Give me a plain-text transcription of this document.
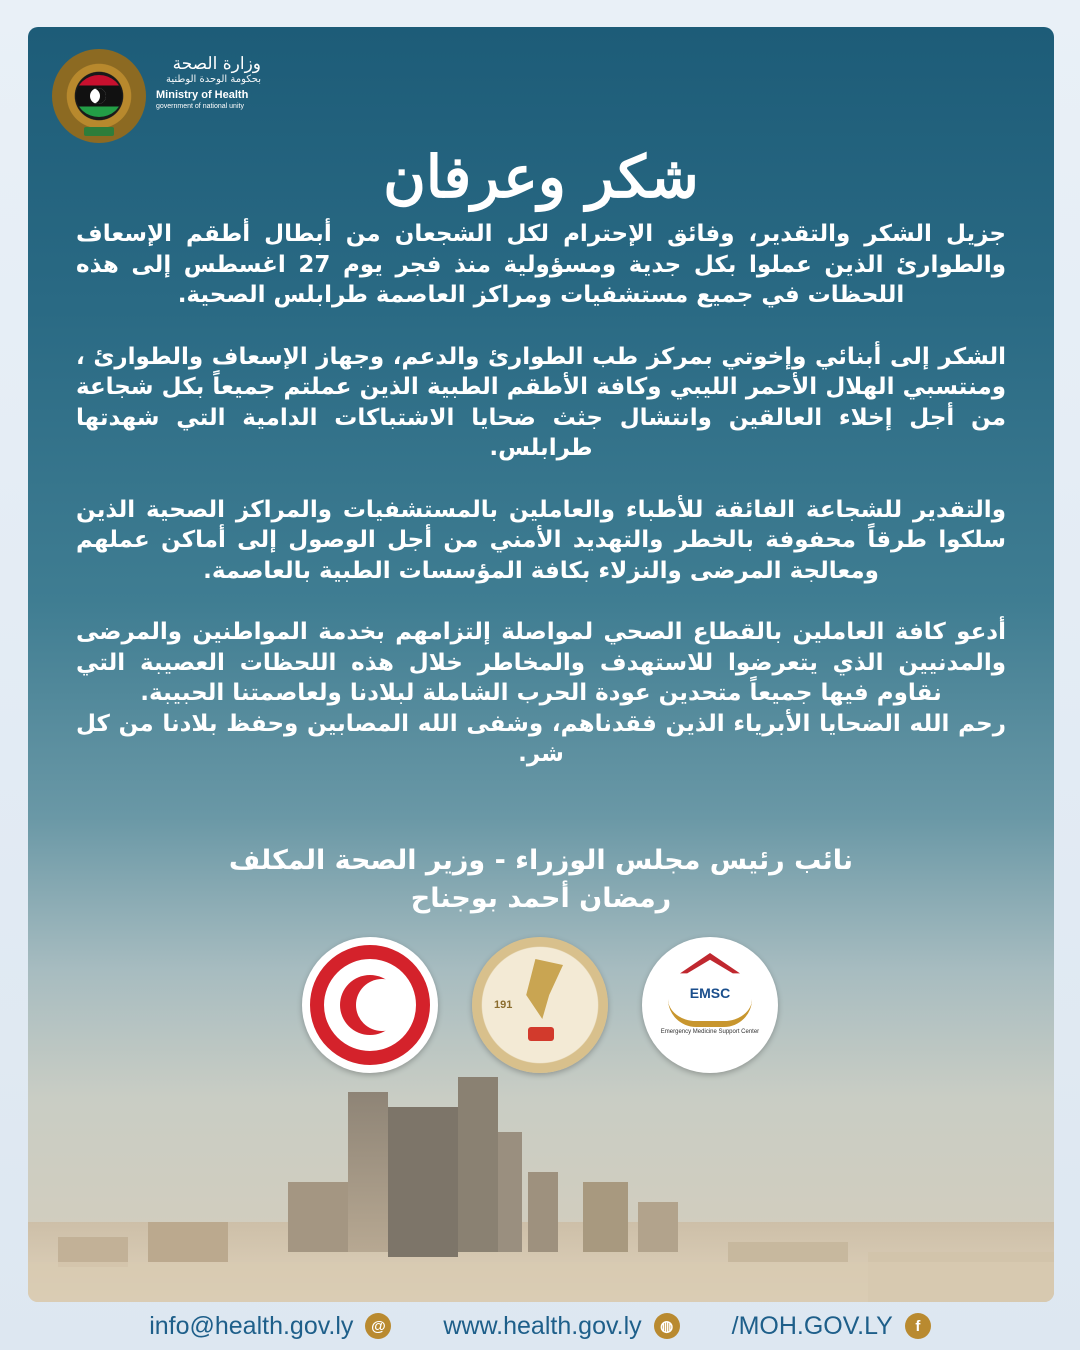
وزارة الصحة
بحكومة الوحدة الوطنية
Ministry of Health
government of national unity
شكر وعرفان

جزيل الشكر والتقدير، وفائق الإحترام لكل الشجعان من أبطال أطقم الإسعاف والطوارئ الذين عملوا بكل جدية ومسؤولية منذ فجر يوم 27 اغسطس إلى هذه اللحظات في جميع مستشفيات ومراكز العاصمة طرابلس الصحية.

الشكر إلى أبنائي وإخوتي بمركز طب الطوارئ والدعم، وجهاز الإسعاف والطوارئ ، ومنتسبي الهلال الأحمر الليبي وكافة الأطقم الطبية الذين عملتم جميعاً بكل شجاعة من أجل إخلاء العالقين وانتشال جثث ضحايا الاشتباكات الدامية التي شهدتها طرابلس.

والتقدير للشجاعة الفائقة للأطباء والعاملين بالمستشفيات والمراكز الصحية الذين سلكوا طرقاً محفوفة بالخطر والتهديد الأمني من أجل الوصول إلى أماكن عملهم ومعالجة المرضى والنزلاء بكافة المؤسسات الطبية بالعاصمة.

أدعو كافة العاملين بالقطاع الصحي لمواصلة إلتزامهم بخدمة المواطنين والمرضى والمدنيين الذي يتعرضوا للاستهدف والمخاطر خلال هذه اللحظات العصيبة التي نقاوم فيها جميعاً متحدين عودة الحرب الشاملة لبلادنا ولعاصمتنا الحبيبة.

رحم الله الضحايا الأبرياء الذين فقدناهم، وشفى الله المصابين وحفظ بلادنا من كل شر.

نائب رئيس مجلس الوزراء - وزير الصحة المكلف
رمضان أحمد بوجناح
191
EMSC
Emergency Medicine Support Center
info@health.gov.ly	@ www.health.gov.ly	◍ /MOH.GOV.LY	f
